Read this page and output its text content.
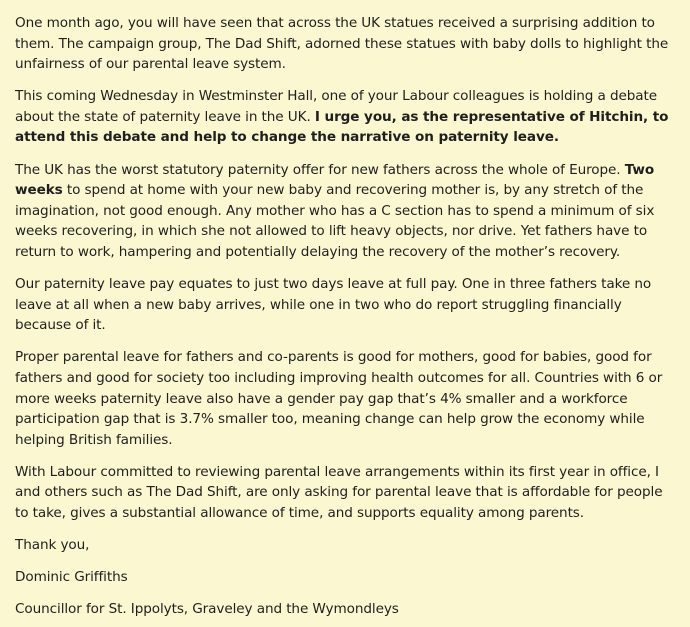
One month ago, you will have seen that across the UK statues received a surprising addition to them. The campaign group, The Dad Shift, adorned these statues with baby dolls to highlight the unfairness of our parental leave system.

This coming Wednesday in Westminster Hall, one of your Labour colleagues is holding a debate about the state of paternity leave in the UK. I urge you, as the representative of Hitchin, to attend this debate and help to change the narrative on paternity leave.

The UK has the worst statutory paternity offer for new fathers across the whole of Europe. Two weeks to spend at home with your new baby and recovering mother is, by any stretch of the imagination, not good enough. Any mother who has a C section has to spend a minimum of six weeks recovering, in which she not allowed to lift heavy objects, nor drive. Yet fathers have to return to work, hampering and potentially delaying the recovery of the mother’s recovery.

Our paternity leave pay equates to just two days leave at full pay. One in three fathers take no leave at all when a new baby arrives, while one in two who do report struggling financially because of it.

Proper parental leave for fathers and co-parents is good for mothers, good for babies, good for fathers and good for society too including improving health outcomes for all. Countries with 6 or more weeks paternity leave also have a gender pay gap that’s 4% smaller and a workforce participation gap that is 3.7% smaller too, meaning change can help grow the economy while helping British families.

With Labour committed to reviewing parental leave arrangements within its first year in office, I and others such as The Dad Shift, are only asking for parental leave that is affordable for people to take, gives a substantial allowance of time, and supports equality among parents.

Thank you,

Dominic Griffiths

Councillor for St. Ippolyts, Graveley and the Wymondleys
